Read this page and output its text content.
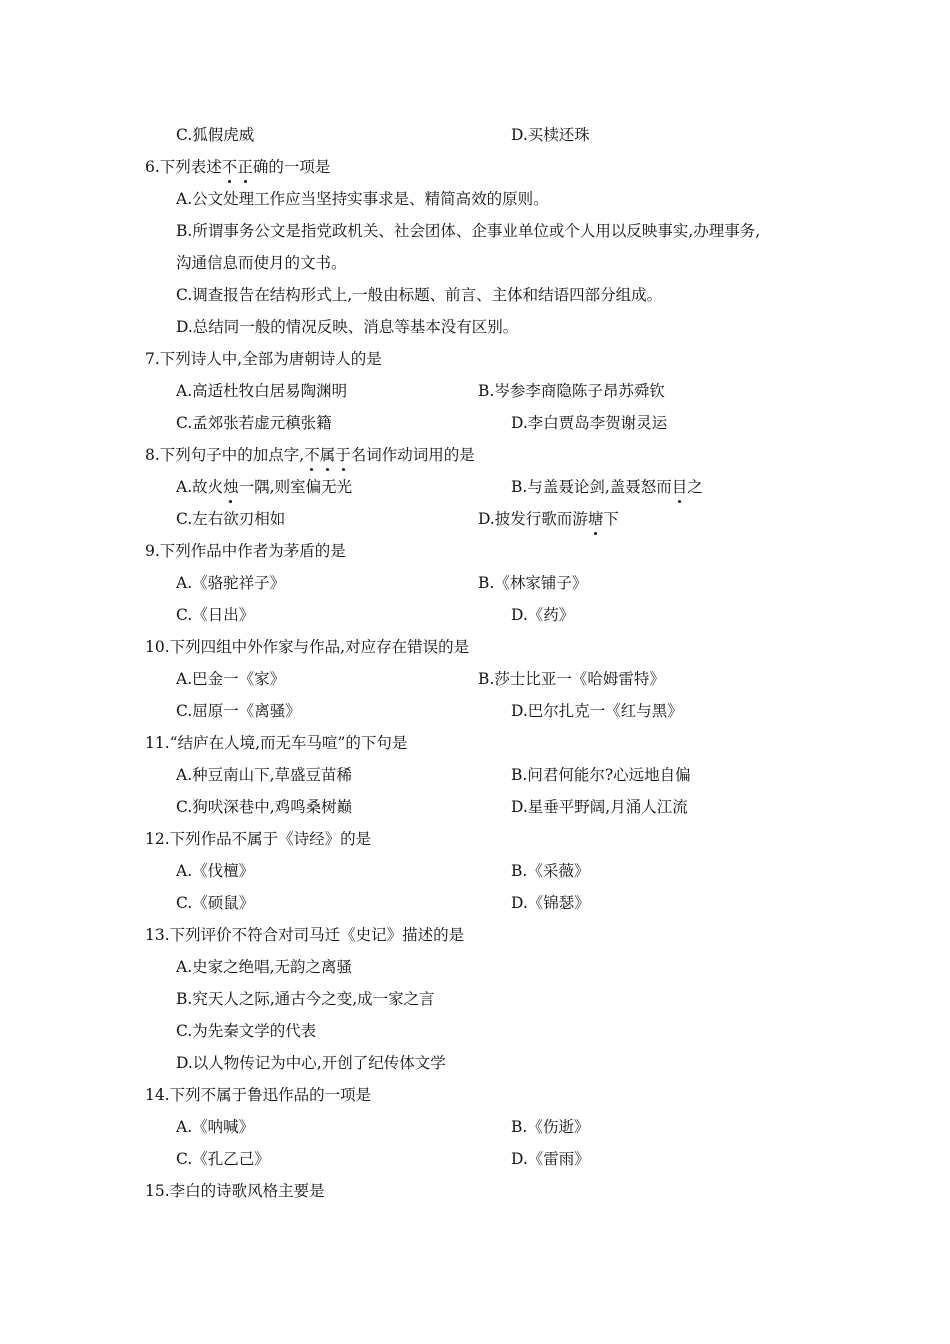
C.狐假虎威	D.买椟还珠
6.下列表述不正确的一项是
A.公文处理工作应当坚持实事求是、精简高效的原则。
B.所谓事务公文是指党政机关、社会团体、企事业单位或个人用以反映事实,办理事务,
沟通信息而使月的文书。
C.调查报告在结构形式上,一般由标题、前言、主体和结语四部分组成。
D.总结同一般的情况反映、消息等基本没有区别。
7.下列诗人中,全部为唐朝诗人的是
A.高适杜牧白居易陶渊明	B.岑参李商隐陈子昂苏舜钦
C.孟郊张若虚元稹张籍	D.李白贾岛李贺谢灵运
8.下列句子中的加点字,不属于名词作动词用的是
A.故火烛一隅,则室偏无光	B.与盖聂论剑,盖聂怒而目之
C.左右欲刃相如	D.披发行歌而游塘下
9.下列作品中作者为茅盾的是
A.《骆驼祥子》	B.《林家铺子》
C.《日出》	D.《药》
10.下列四组中外作家与作品,对应存在错误的是
A.巴金一《家》	B.莎士比亚一《哈姆雷特》
C.屈原一《离骚》	D.巴尔扎克一《红与黑》
11.“结庐在人境,而无车马喧”的下句是
A.种豆南山下,草盛豆苗稀	B.问君何能尔?心远地自偏
C.狗吠深巷中,鸡鸣桑树巅	D.星垂平野阔,月涌人江流
12.下列作品不属于《诗经》的是
A.《伐檀》	B.《采薇》
C.《硕鼠》	D.《锦瑟》
13.下列评价不符合对司马迁《史记》描述的是
A.史家之绝唱,无韵之离骚
B.究天人之际,通古今之变,成一家之言
C.为先秦文学的代表
D.以人物传记为中心,开创了纪传体文学
14.下列不属于鲁迅作品的一项是
A.《呐喊》	B.《伤逝》
C.《孔乙己》	D.《雷雨》
15.李白的诗歌风格主要是
